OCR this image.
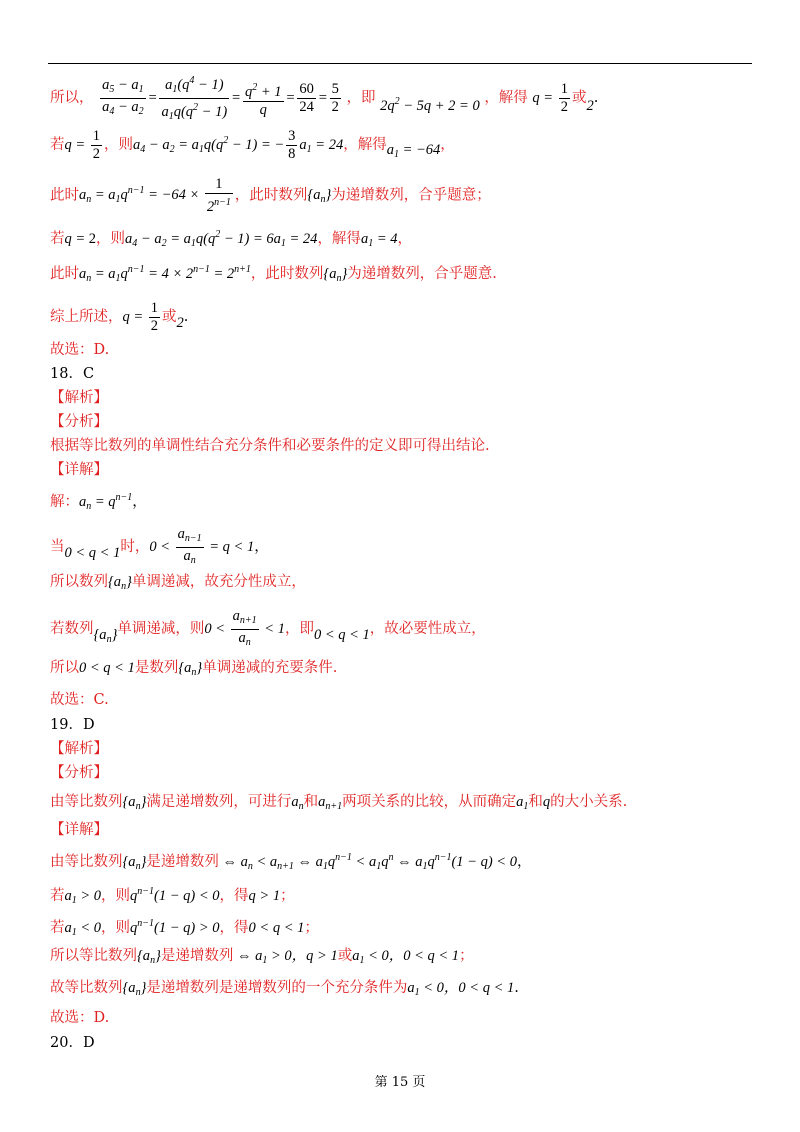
所以， $\frac{a_5 - a_1}{a_4 - a_2} = \frac{a_1(q^4 - 1)}{a_1q(q^2 - 1)} = \frac{q^2 + 1}{q} = \frac{60}{24} = \frac{5}{2}$ ，即 $2q^2 - 5q + 2 = 0$ ，解得 $q = \frac{1}{2}$ 或2.
若$q = \frac{1}{2}$ ，则$a_4 - a_2 = a_1q(q^2 - 1)$ = − $\frac{3}{8} a_1 = 24$，解得$a_1 = -64$，
此时$a_n = a_1q^{n-1} = -64 \times \frac{1}{2^{n-1}}$ ，此时数列$\{a_n\}$为递增数列，合乎题意；
若q = 2，则$a_4 - a_2 = a_1q(q^2 - 1) = 6a_1 = 24$，解得$a_1 = 4$，
此时$a_n = a_1q^{n-1} = 4 \times 2^{n-1} = 2^{n+1}$，此时数列$\{a_n\}$为递增数列，合乎题意.
综上所述，$q = \frac{1}{2}$ 或2.
故选：D.
18．C
【解析】
【分析】
根据等比数列的单调性结合充分条件和必要条件的定义即可得出结论.
【详解】
解：$a_n = q^{n-1}$，
当0 < q < 1时，$0 < \frac{a_{n-1}}{a_n} = q < 1$，
所以数列$\{a_n\}$单调递减，故充分性成立，
若数列$\{a_n\}$单调递减，则$0 < \frac{a_{n+1}}{a_n} < 1$，即0 < q < 1，故必要性成立，
所以0 < q < 1是数列$\{a_n\}$单调递减的充要条件.
故选：C.
19．D
【解析】
【分析】
由等比数列$\{a_n\}$满足递增数列，可进行$a_n$和$a_{n+1}$两项关系的比较，从而确定$a_1$和q的大小关系.
【详解】
由等比数列$\{a_n\}$是递增数列 ⇔ $a_n < a_{n+1}$ ⇔ $a_1q^{n-1} < a_1q^n$ ⇔ $a_1q^{n-1}(1 - q) < 0$，
若$a_1 > 0$，则$q^{n-1}(1 - q) < 0$，得q > 1；
若$a_1 < 0$，则$q^{n-1}(1 - q) > 0$，得0 < q < 1；
所以等比数列$\{a_n\}$是递增数列 ⇔ $a_1 > 0$，q > 1或$a_1 < 0$，0 < q < 1；
故等比数列$\{a_n\}$是递增数列是递增数列的一个充分条件为$a_1 < 0$，0 < q < 1.
故选：D.
20．D
第 15 页
